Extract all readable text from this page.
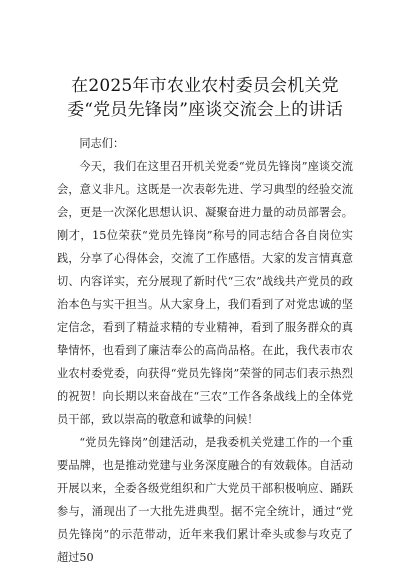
在2025年市农业农村委员会机关党委“党员先锋岗”座谈交流会上的讲话

同志们：

今天，我们在这里召开机关党委“党员先锋岗”座谈交流会，意义非凡。这既是一次表彰先进、学习典型的经验交流会，更是一次深化思想认识、凝聚奋进力量的动员部署会。刚才，15位荣获“党员先锋岗”称号的同志结合各自岗位实践，分享了心得体会，交流了工作感悟。大家的发言情真意切、内容详实，充分展现了新时代“三农”战线共产党员的政治本色与实干担当。从大家身上，我们看到了对党忠诚的坚定信念，看到了精益求精的专业精神，看到了服务群众的真挚情怀，也看到了廉洁奉公的高尚品格。在此，我代表市农业农村委党委，向获得“党员先锋岗”荣誉的同志们表示热烈的祝贺！向长期以来奋战在“三农”工作各条战线上的全体党员干部，致以崇高的敬意和诚挚的问候！

“党员先锋岗”创建活动，是我委机关党建工作的一个重要品牌，也是推动党建与业务深度融合的有效载体。自活动开展以来，全委各级党组织和广大党员干部积极响应、踊跃参与，涌现出了一大批先进典型。据不完全统计，通过“党员先锋岗”的示范带动，近年来我们累计牵头或参与攻克了超过50
